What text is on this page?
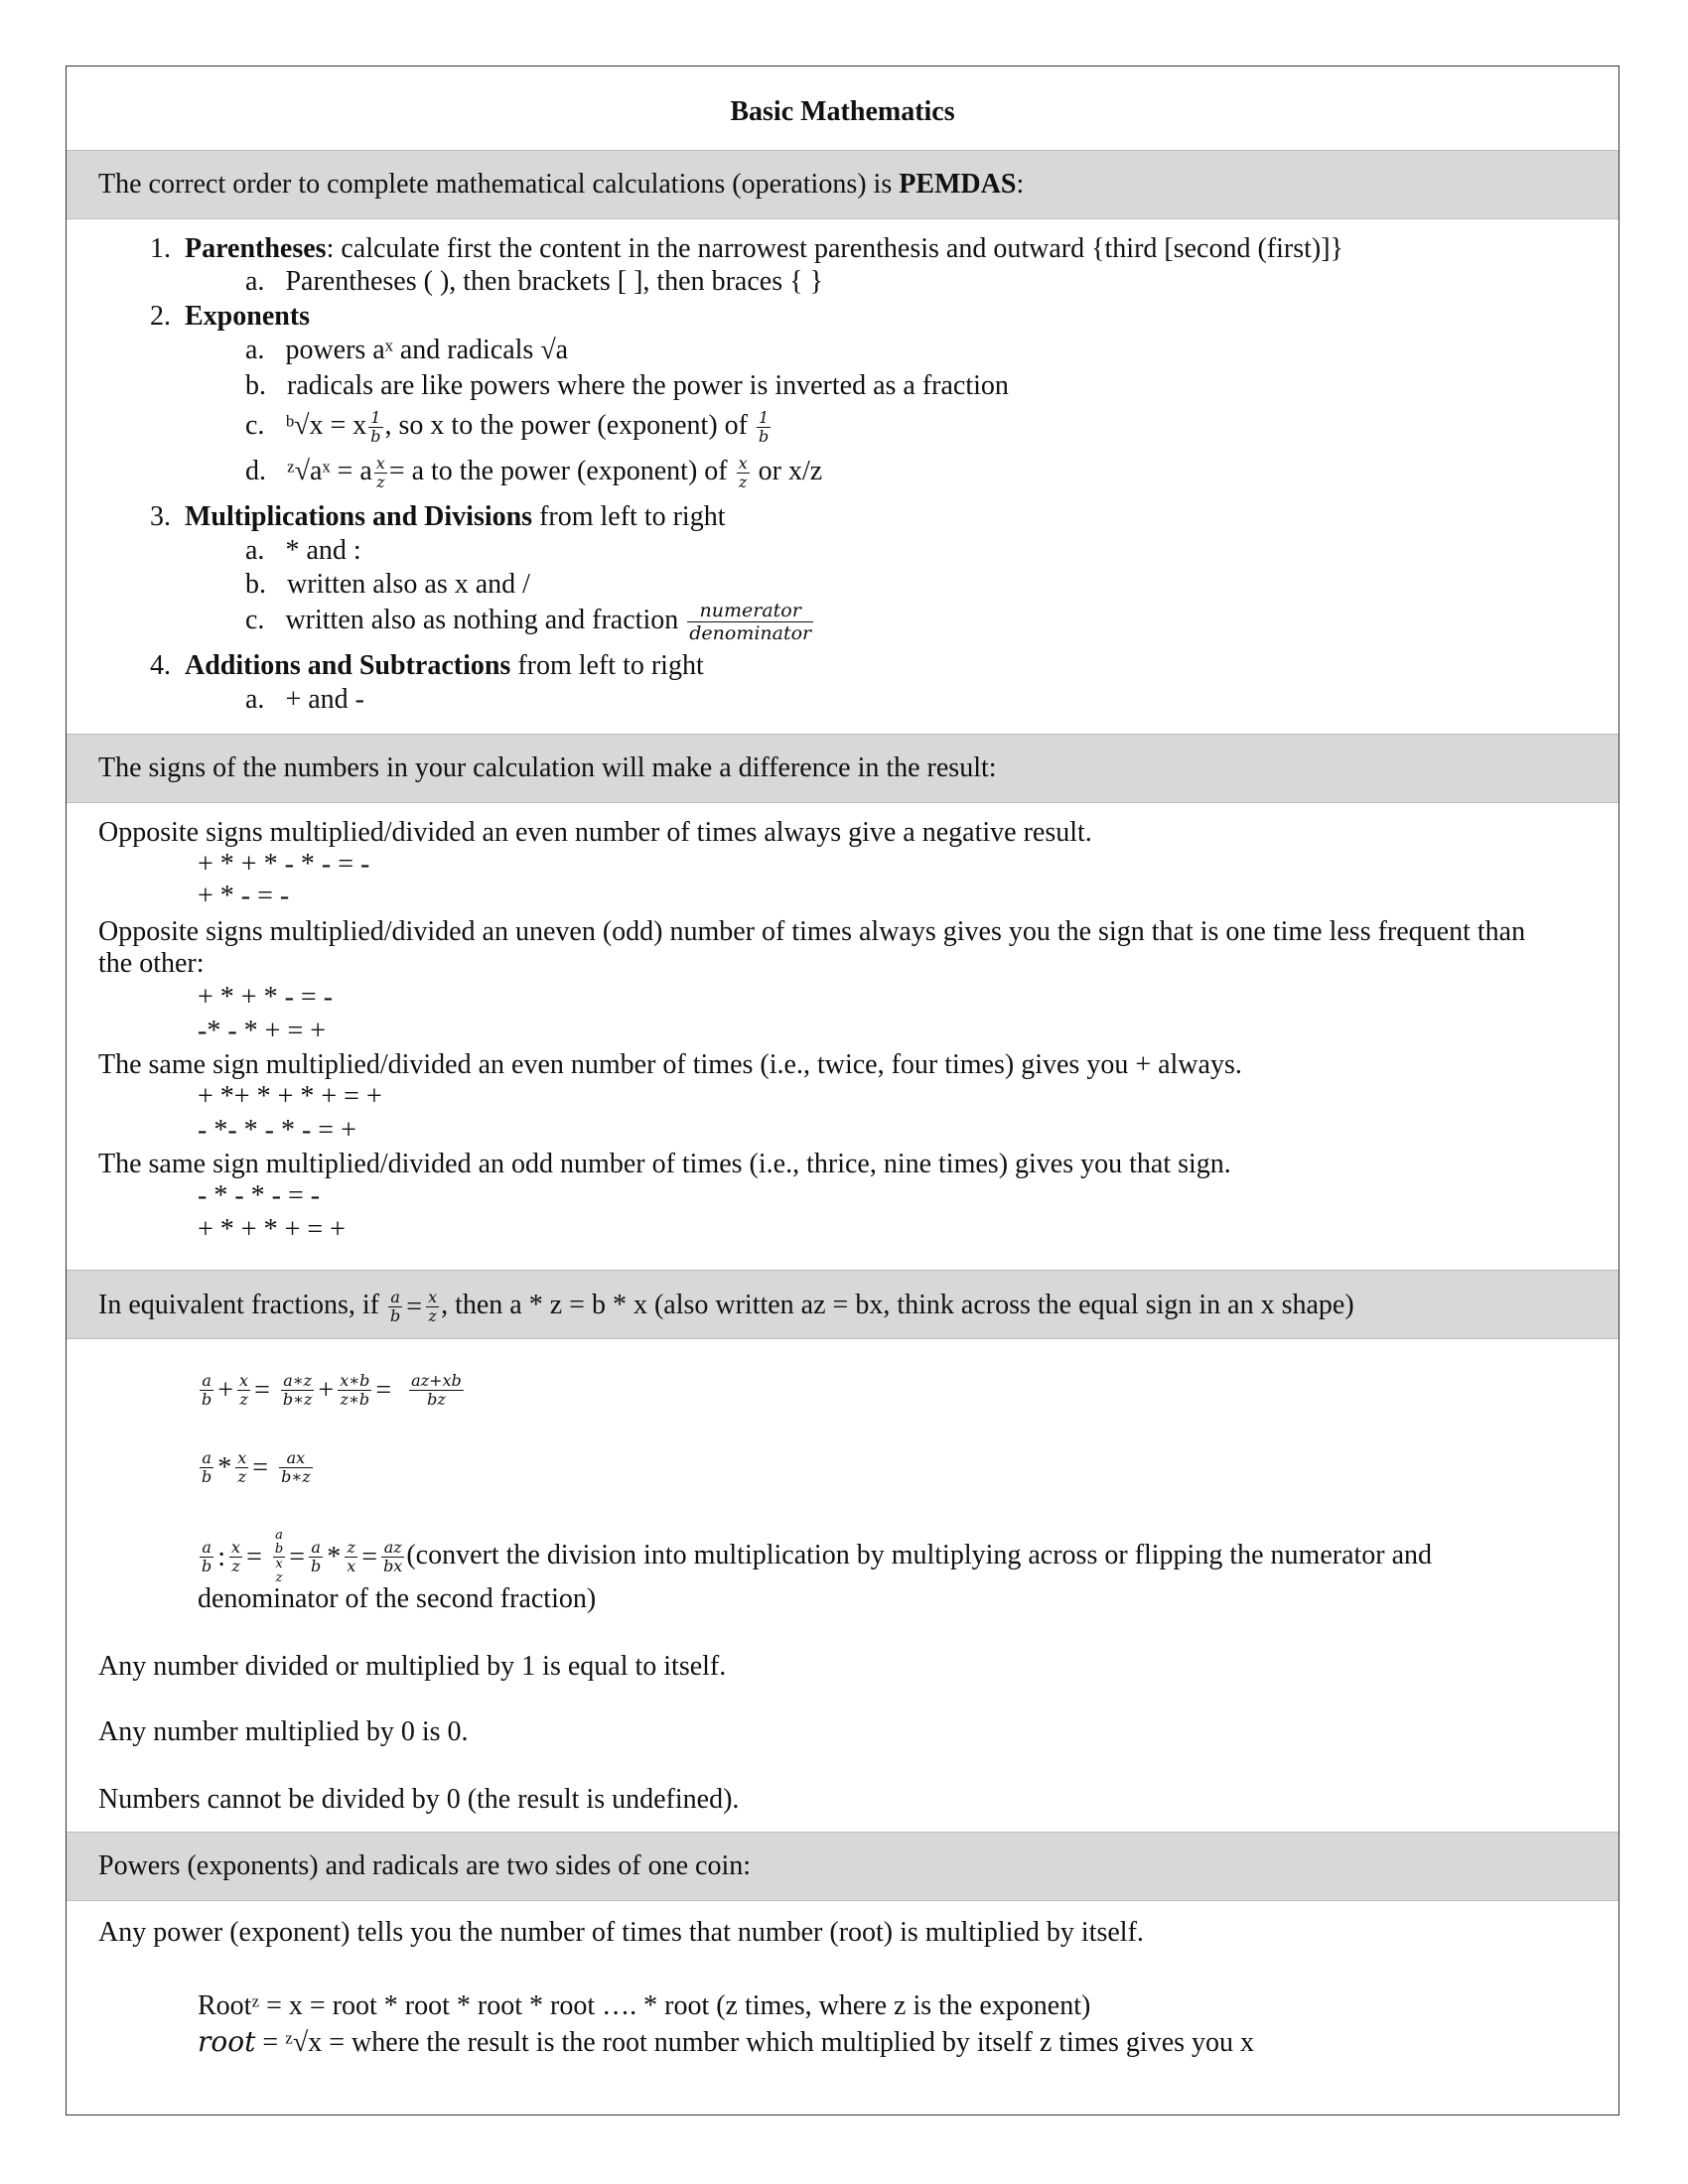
Basic Mathematics
The correct order to complete mathematical calculations (operations) is PEMDAS:
1. Parentheses: calculate first the content in the narrowest parenthesis and outward {third [second (first)]}
a. Parentheses ( ), then brackets [ ], then braces { }
2. Exponents
a. powers aˣ and radicals √a
b. radicals are like powers where the power is inverted as a fraction
c. ᵇ√x = x $\frac{1}{b}$ , so x to the power (exponent) of $\frac{1}{b}$
d. ᶻ√aˣ = a $\frac{x}{z} = a$ to the power (exponent) of $\frac{x}{z}$ or x/z
3. Multiplications and Divisions from left to right
a. * and :
b. written also as x and /
c. written also as nothing and fraction $\frac{\text{numerator}}{\text{denominator}}$
4. Additions and Subtractions from left to right
a. + and -
The signs of the numbers in your calculation will make a difference in the result:
Opposite signs multiplied/divided an even number of times always give a negative result.
+ * + * - * - = -
+ * - = -
Opposite signs multiplied/divided an uneven (odd) number of times always gives you the sign that is one time less frequent than
the other:
+ * + * - = -
-* - * + = +
The same sign multiplied/divided an even number of times (i.e., twice, four times) gives you + always.
+ *+ * + * + = +
- *- * - * - = +
The same sign multiplied/divided an odd number of times (i.e., thrice, nine times) gives you that sign.
- * - * - = -
+ * + * + = +
In equivalent fractions, if $\frac{a}{b} = \frac{x}{z}$ , then a * z = b * x (also written az = bx, think across the equal sign in an x shape)
$\frac{a}{b} + \frac{x}{z} = \frac{a∗z}{b∗z} + \frac{x∗b}{z∗b} = \frac{az+xb}{bz}$
$\frac{a}{b} * \frac{x}{z} = \frac{ax}{b∗z}$
$\frac{a}{b}$ : $\frac{x}{z}$ =
a
b
x
z
= $\frac{a}{b} * \frac{z}{x} = \frac{az}{bx}$ (convert the division into multiplication by multiplying across or flipping the numerator and
denominator of the second fraction)
Any number divided or multiplied by 1 is equal to itself.
Any number multiplied by 0 is 0.
Numbers cannot be divided by 0 (the result is undefined).
Powers (exponents) and radicals are two sides of one coin:
Any power (exponent) tells you the number of times that number (root) is multiplied by itself.
Rootᶻ = x = root * root * root * root …. * root (z times, where z is the exponent)
root = ᶻ√x = where the result is the root number which multiplied by itself z times gives you x
